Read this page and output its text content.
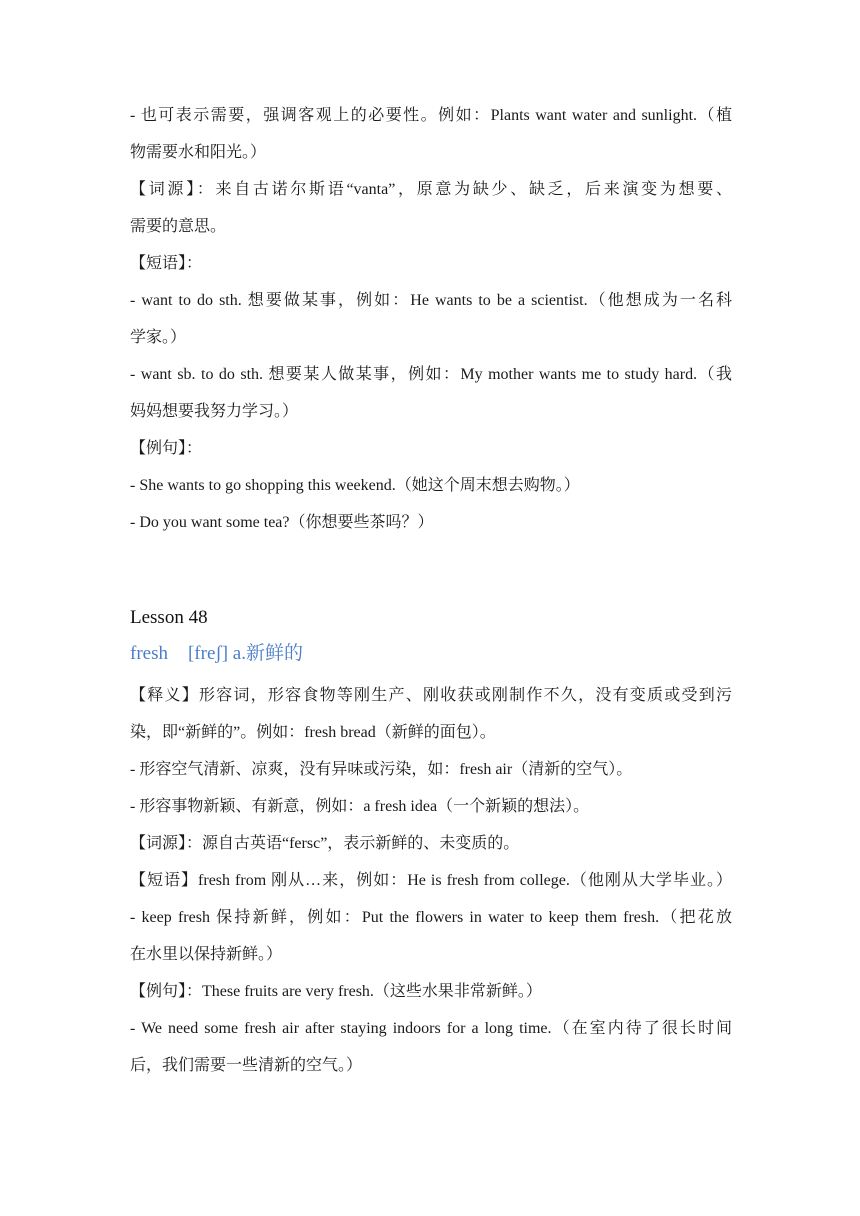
- 也可表示需要，强调客观上的必要性。例如：Plants want water and sunlight.（植
物需要水和阳光。）
【词源】：来自古诺尔斯语“vanta”，原意为缺少、缺乏，后来演变为想要、
需要的意思。
【短语】：
- want to do sth. 想要做某事，例如：He wants to be a scientist.（他想成为一名科
学家。）
- want sb. to do sth. 想要某人做某事，例如：My mother wants me to study hard.（我
妈妈想要我努力学习。）
【例句】：
- She wants to go shopping this weekend.（她这个周末想去购物。）
- Do you want some tea?（你想要些茶吗？）
Lesson 48
fresh [freʃ] a.新鲜的
【释义】形容词，形容食物等刚生产、刚收获或刚制作不久，没有变质或受到污
染，即“新鲜的”。例如：fresh bread（新鲜的面包）。
- 形容空气清新、凉爽，没有异味或污染，如：fresh air（清新的空气）。
- 形容事物新颖、有新意，例如：a fresh idea（一个新颖的想法）。
【词源】：源自古英语“fersc”，表示新鲜的、未变质的。
【短语】fresh from 刚从…来，例如：He is fresh from college.（他刚从大学毕业。）
- keep fresh 保持新鲜，例如：Put the flowers in water to keep them fresh.（把花放
在水里以保持新鲜。）
【例句】：These fruits are very fresh.（这些水果非常新鲜。）
- We need some fresh air after staying indoors for a long time.（在室内待了很长时间
后，我们需要一些清新的空气。）
